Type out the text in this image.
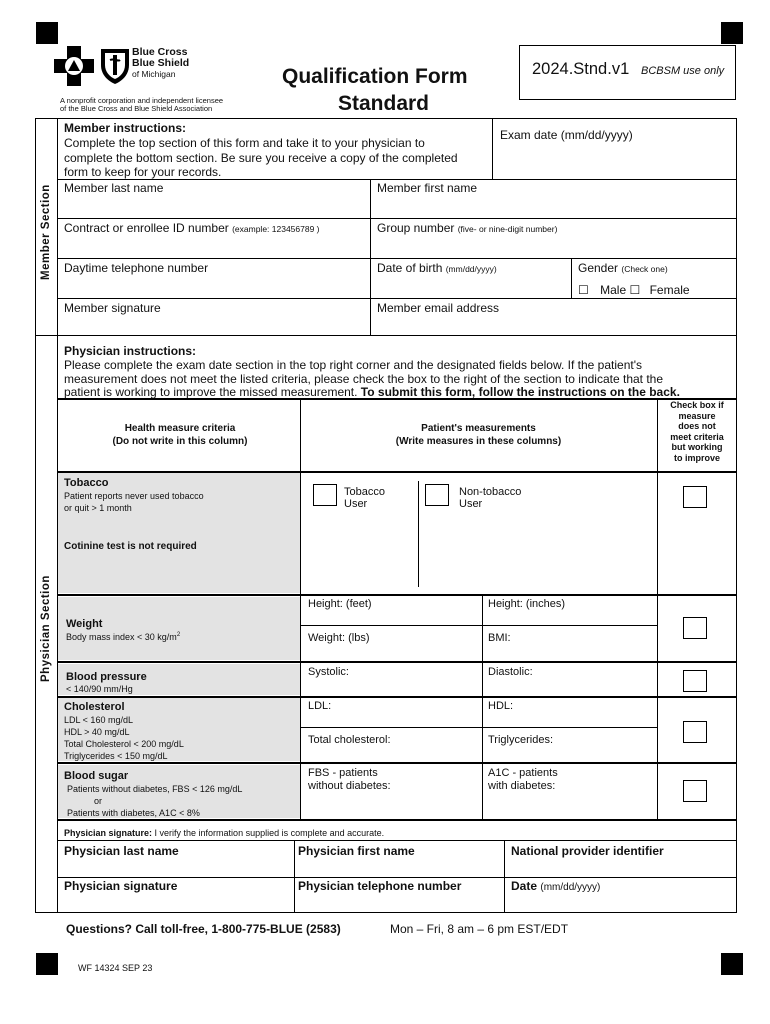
Blue Cross
Blue Shield
of Michigan
A nonprofit corporation and independent licensee
of the Blue Cross and Blue Shield Association
Qualification Form
Standard
2024.Stnd.v1 BCBSM use only
Member Section
Member instructions:
Complete the top section of this form and take it to your physician to
complete the bottom section. Be sure you receive a copy of the completed
form to keep for your records.
Exam date (mm/dd/yyyy)
Member last name	Member first name
Contract or enrollee ID number (example: 123456789 )	Group number (five- or nine-digit number)
Daytime telephone number	Date of birth (mm/dd/yyyy)	Gender (Check one)
☐ Male ☐ Female
Member signature	Member email address
Physician Section
Physician instructions:
Please complete the exam date section in the top right corner and the designated fields below. If the patient's
measurement does not meet the listed criteria, please check the box to the right of the section to indicate that the
patient is working to improve the missed measurement. To submit this form, follow the instructions on the back.
Health measure criteria
(Do not write in this column)
Patient's measurements
(Write measures in these columns)
Check box if
measure
does not
meet criteria
but working
to improve
Tobacco
Patient reports never used tobacco
or quit > 1 month
Cotinine test is not required
Tobacco
User
Non-tobacco
User
Weight
Body mass index < 30 $kg/m^2$
Height: (feet)	Height: (inches)
Weight: (lbs)	BMI:
Blood pressure
< 140/90 mm/Hg
Systolic:	Diastolic:
Cholesterol
LDL < 160 mg/dL
HDL > 40 mg/dL
Total Cholesterol < 200 mg/dL
Triglycerides < 150 mg/dL
LDL:	HDL:
Total cholesterol:	Triglycerides:
Blood sugar
Patients without diabetes, FBS < 126 mg/dL
or
Patients with diabetes, A1C < 8%
FBS - patients
without diabetes:
A1C - patients
with diabetes:
Physician signature: I verify the information supplied is complete and accurate.
Physician last name	Physician first name	National provider identifier
Physician signature	Physician telephone number	Date (mm/dd/yyyy)
Questions? Call toll-free, 1-800-775-BLUE (2583)	Mon – Fri, 8 am – 6 pm EST/EDT
WF 14324 SEP 23
